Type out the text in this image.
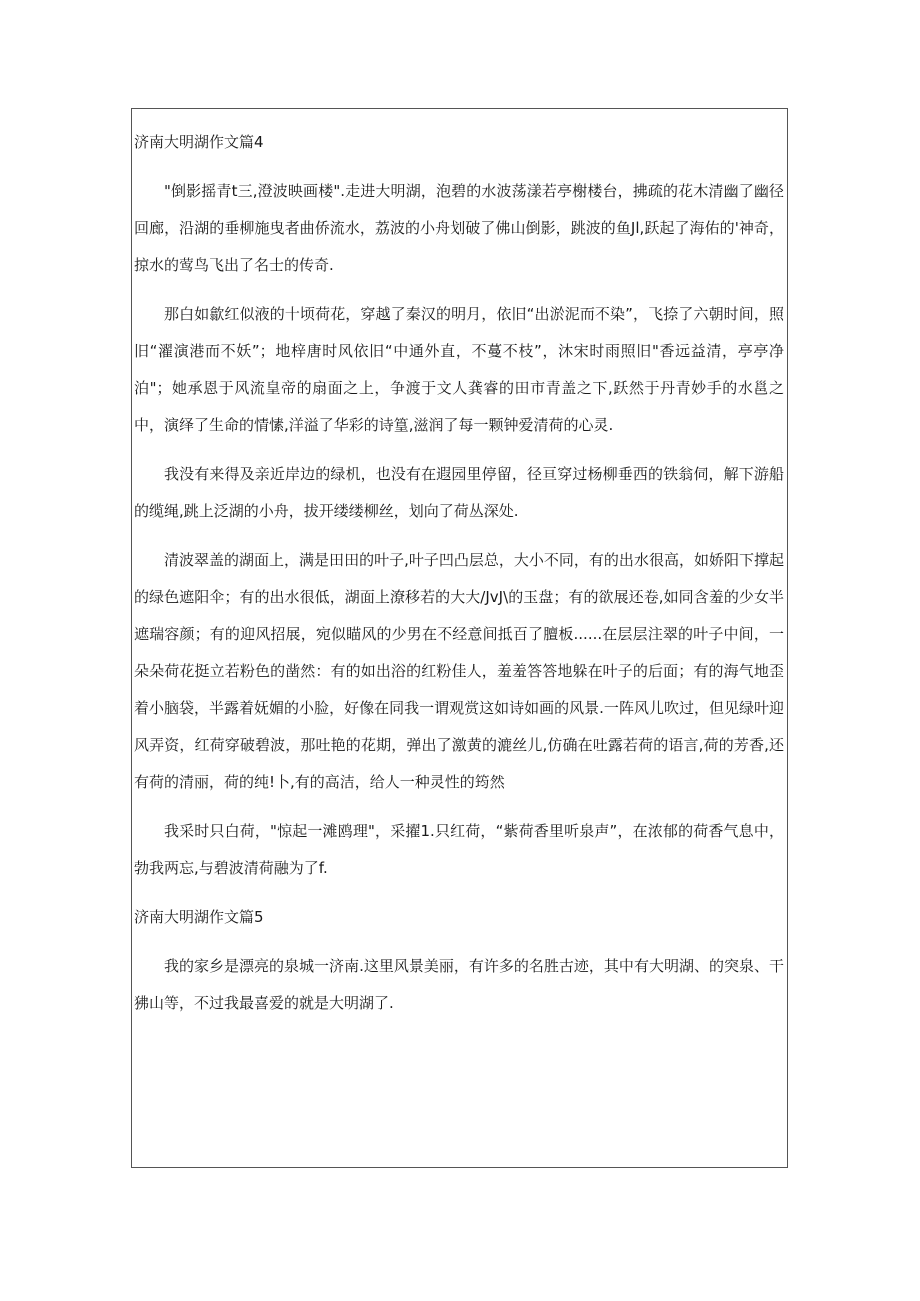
济南大明湖作文篇4

"倒影摇青t三,澄波映画楼".走进大明湖，泡碧的水波荡漾若亭榭楼台，拂疏的花木清幽了幽径回廊，沿湖的垂柳施曳者曲侨流水，荔波的小舟划破了佛山倒影，跳波的鱼Jl,跃起了海佑的'神奇，掠水的莺鸟飞出了名士的传奇.

那白如歙红似液的十顷荷花，穿越了秦汉的明月，依旧“出淤泥而不染”，飞捺了六朝时间，照旧“濯演港而不妖”；地梓唐时风依旧“中通外直，不蔓不枝”，沐宋时雨照旧"香远益清，亭亭净泊"；她承恩于风流皇帝的扇面之上，争渡于文人龚睿的田市青盖之下,跃然于丹青妙手的水邕之中，演绎了生命的情愫,洋溢了华彩的诗篁,滋润了每一颗钟爱清荷的心灵.

我没有来得及亲近岸边的绿机，也没有在遐园里停留，径亘穿过杨柳垂西的铁翁伺，解下游船的缆绳,跳上泛湖的小舟，拔开缕缕柳丝，划向了荷丛深处.

清波翠盖的湖面上，满是田田的叶子,叶子凹凸层总，大小不同，有的出水很高，如娇阳下撑起的绿色遮阳伞；有的出水很低，湖面上潦移若的大大/JvJ\的玉盘；有的欲展还卷,如同含羞的少女半遮瑞容颜；有的迎风招展，宛似瞄风的少男在不经意间抵百了膻板......在层层注翠的叶子中间，一朵朵荷花挺立若粉色的凿然：有的如出浴的红粉佳人，羞羞答答地躲在叶子的后面；有的海气地歪着小脑袋，半露着妩媚的小脸，好像在同我一谓观赏这如诗如画的风景.一阵风儿吹过，但见绿叶迎风弄资，红荷穿破碧波，那吐艳的花期，弹出了激黄的漉丝儿,仿确在吐露若荷的语言,荷的芳香,还有荷的清丽，荷的纯!卜,有的高洁，给人一种灵性的筠然

我采时只白荷，"惊起一滩鸥理"，采擢1.只红荷，“紫荷香里听泉声”，在浓郁的荷香气息中，勃我两忘,与碧波清荷融为了f.

济南大明湖作文篇5

我的家乡是漂亮的泉城一济南.这里风景美丽，有许多的名胜古迹，其中有大明湖、的突泉、干狒山等，不过我最喜爱的就是大明湖了.
